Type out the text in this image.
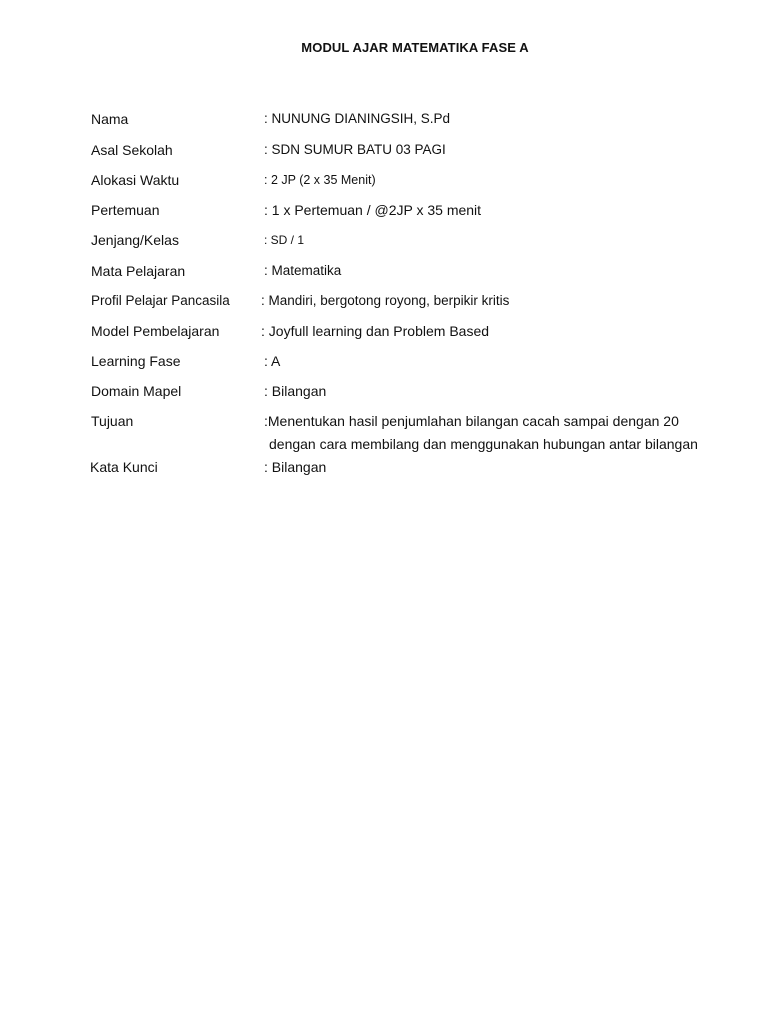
MODUL AJAR MATEMATIKA FASE A
Nama	: NUNUNG DIANINGSIH, S.Pd
Asal Sekolah	: SDN SUMUR BATU 03 PAGI
Alokasi Waktu	: 2 JP (2 x 35 Menit)
Pertemuan	: 1 x Pertemuan / @2JP x 35 menit
Jenjang/Kelas	: SD / 1
Mata Pelajaran	: Matematika
Profil Pelajar Pancasila : Mandiri, bergotong royong, berpikir kritis
Model Pembelajaran	: Joyfull learning dan Problem Based
Learning Fase	: A
Domain Mapel	: Bilangan
Tujuan	:Menentukan hasil penjumlahan bilangan cacah sampai dengan 20
dengan cara membilang dan menggunakan hubungan antar bilangan
Kata Kunci	: Bilangan
